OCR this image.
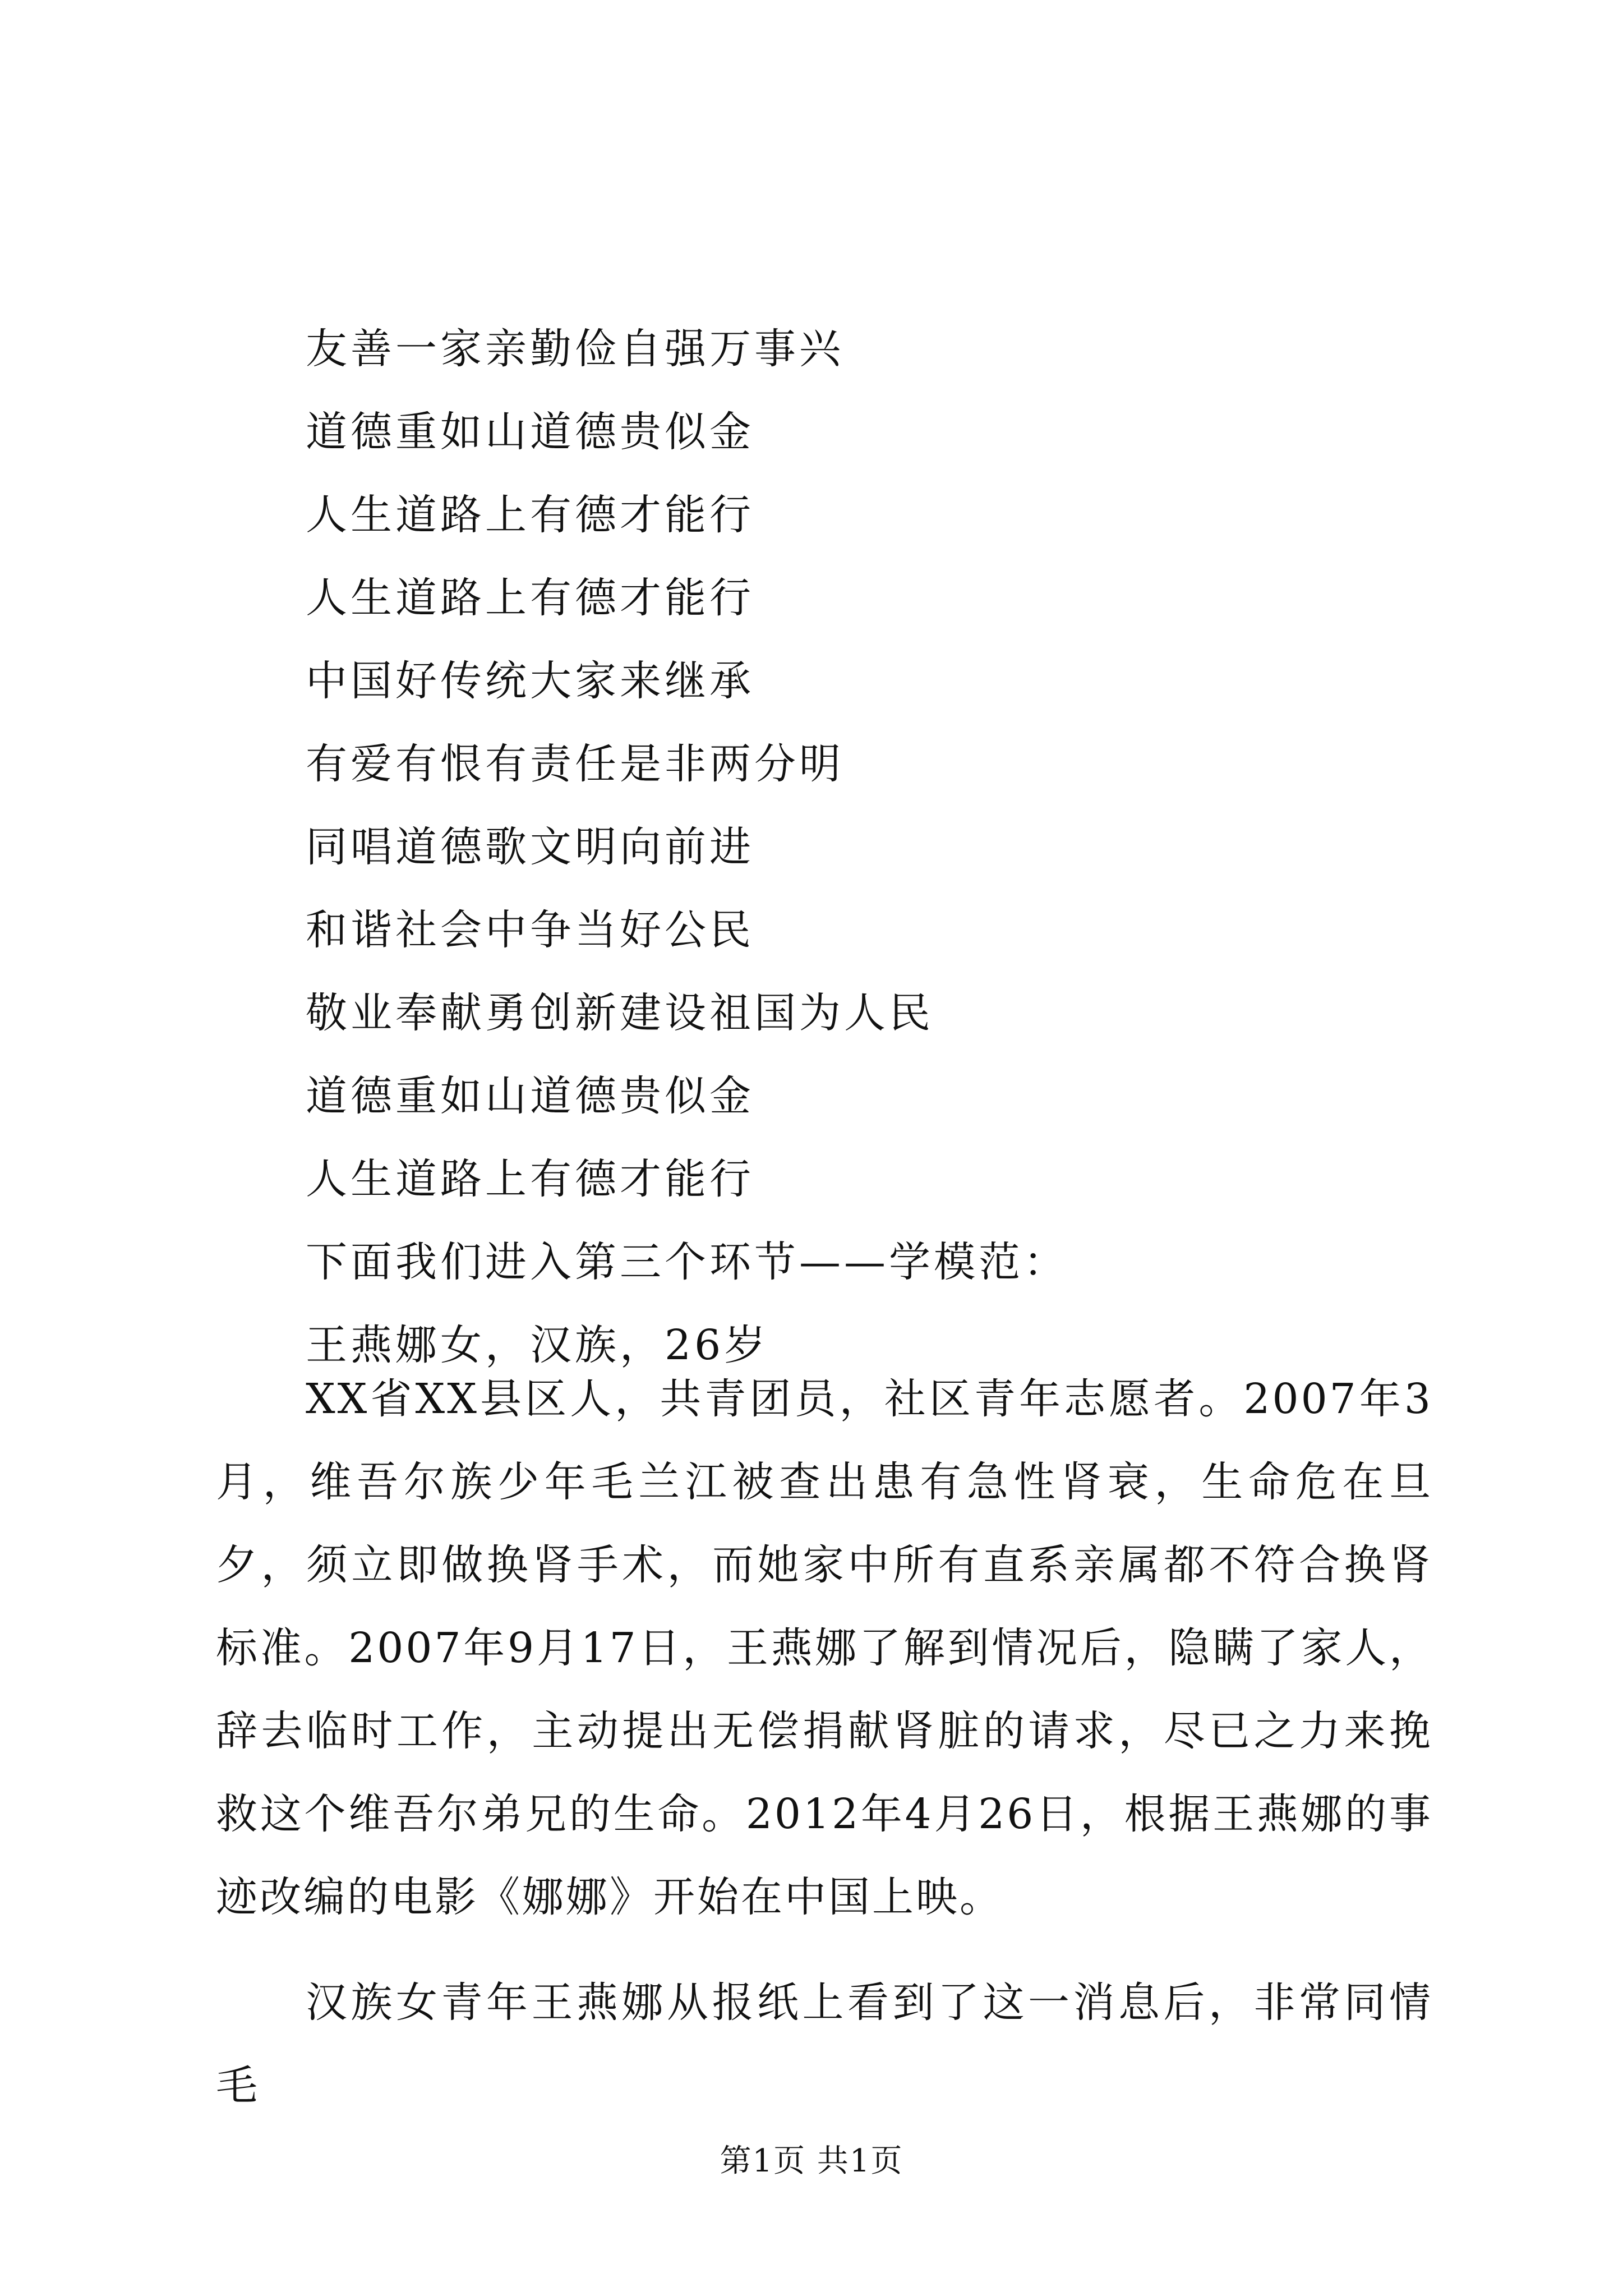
友善一家亲勤俭自强万事兴
道德重如山道德贵似金
人生道路上有德才能行
人生道路上有德才能行
中国好传统大家来继承
有爱有恨有责任是非两分明
同唱道德歌文明向前进
和谐社会中争当好公民
敬业奉献勇创新建设祖国为人民
道德重如山道德贵似金
人生道路上有德才能行
下面我们进入第三个环节——学模范：
王燕娜女，汉族，26岁

XX省XX县区人，共青团员，社区青年志愿者。2007年3月，维吾尔族少年毛兰江被查出患有急性肾衰，生命危在旦夕，须立即做换肾手术，而她家中所有直系亲属都不符合换肾标准。2007年9月17日，王燕娜了解到情况后，隐瞒了家人，辞去临时工作，主动提出无偿捐献肾脏的请求，尽已之力来挽救这个维吾尔弟兄的生命。2012年4月26日，根据王燕娜的事迹改编的电影《娜娜》开始在中国上映。

汉族女青年王燕娜从报纸上看到了这一消息后，非常同情毛

第1页 共1页
